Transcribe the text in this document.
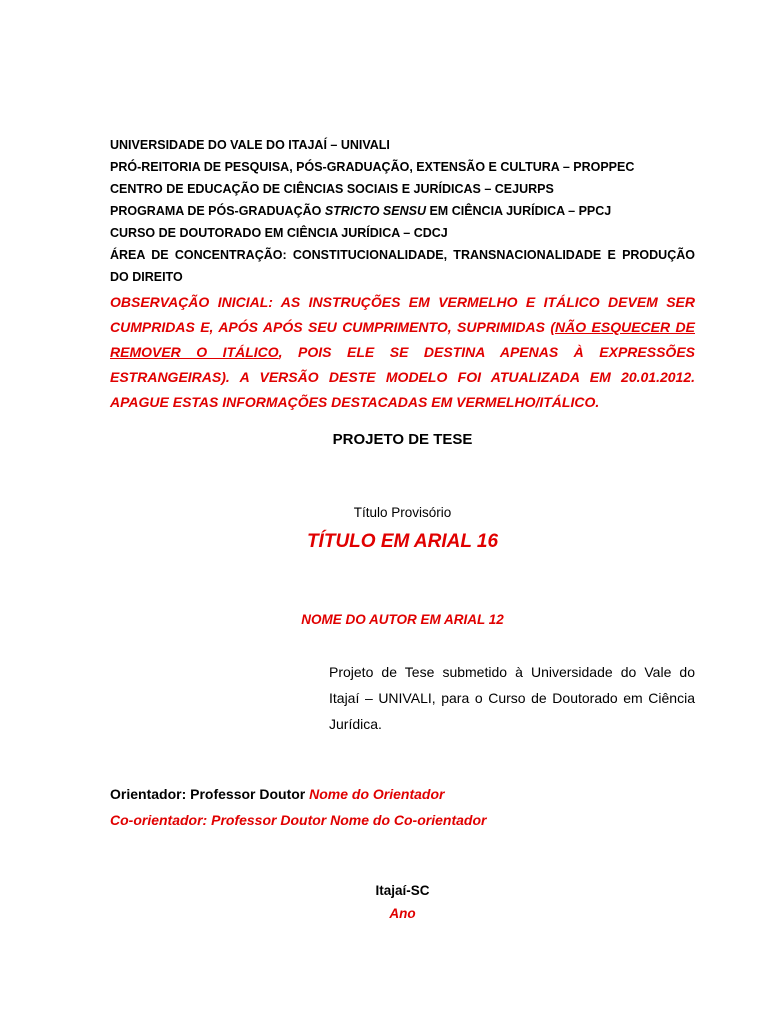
UNIVERSIDADE DO VALE DO ITAJAÍ – UNIVALI
PRÓ-REITORIA DE PESQUISA, PÓS-GRADUAÇÃO, EXTENSÃO E CULTURA – PROPPEC
CENTRO DE EDUCAÇÃO DE CIÊNCIAS SOCIAIS E JURÍDICAS – CEJURPS
PROGRAMA DE PÓS-GRADUAÇÃO STRICTO SENSU EM CIÊNCIA JURÍDICA – PPCJ
CURSO DE DOUTORADO EM CIÊNCIA JURÍDICA – CDCJ
ÁREA DE CONCENTRAÇÃO: CONSTITUCIONALIDADE, TRANSNACIONALIDADE E PRODUÇÃO DO DIREITO
OBSERVAÇÃO INICIAL: AS INSTRUÇÕES EM VERMELHO E ITÁLICO DEVEM SER CUMPRIDAS E, APÓS APÓS SEU CUMPRIMENTO, SUPRIMIDAS (NÃO ESQUECER DE REMOVER O ITÁLICO, POIS ELE SE DESTINA APENAS À EXPRESSÕES ESTRANGEIRAS). A VERSÃO DESTE MODELO FOI ATUALIZADA EM 20.01.2012. APAGUE ESTAS INFORMAÇÕES DESTACADAS EM VERMELHO/ITÁLICO.
PROJETO DE TESE
Título Provisório
TÍTULO EM ARIAL 16
NOME DO AUTOR EM ARIAL 12
Projeto de Tese submetido à Universidade do Vale do Itajaí – UNIVALI, para o Curso de Doutorado em Ciência Jurídica.
Orientador: Professor Doutor Nome do Orientador
Co-orientador: Professor Doutor Nome do Co-orientador
Itajaí-SC
Ano
